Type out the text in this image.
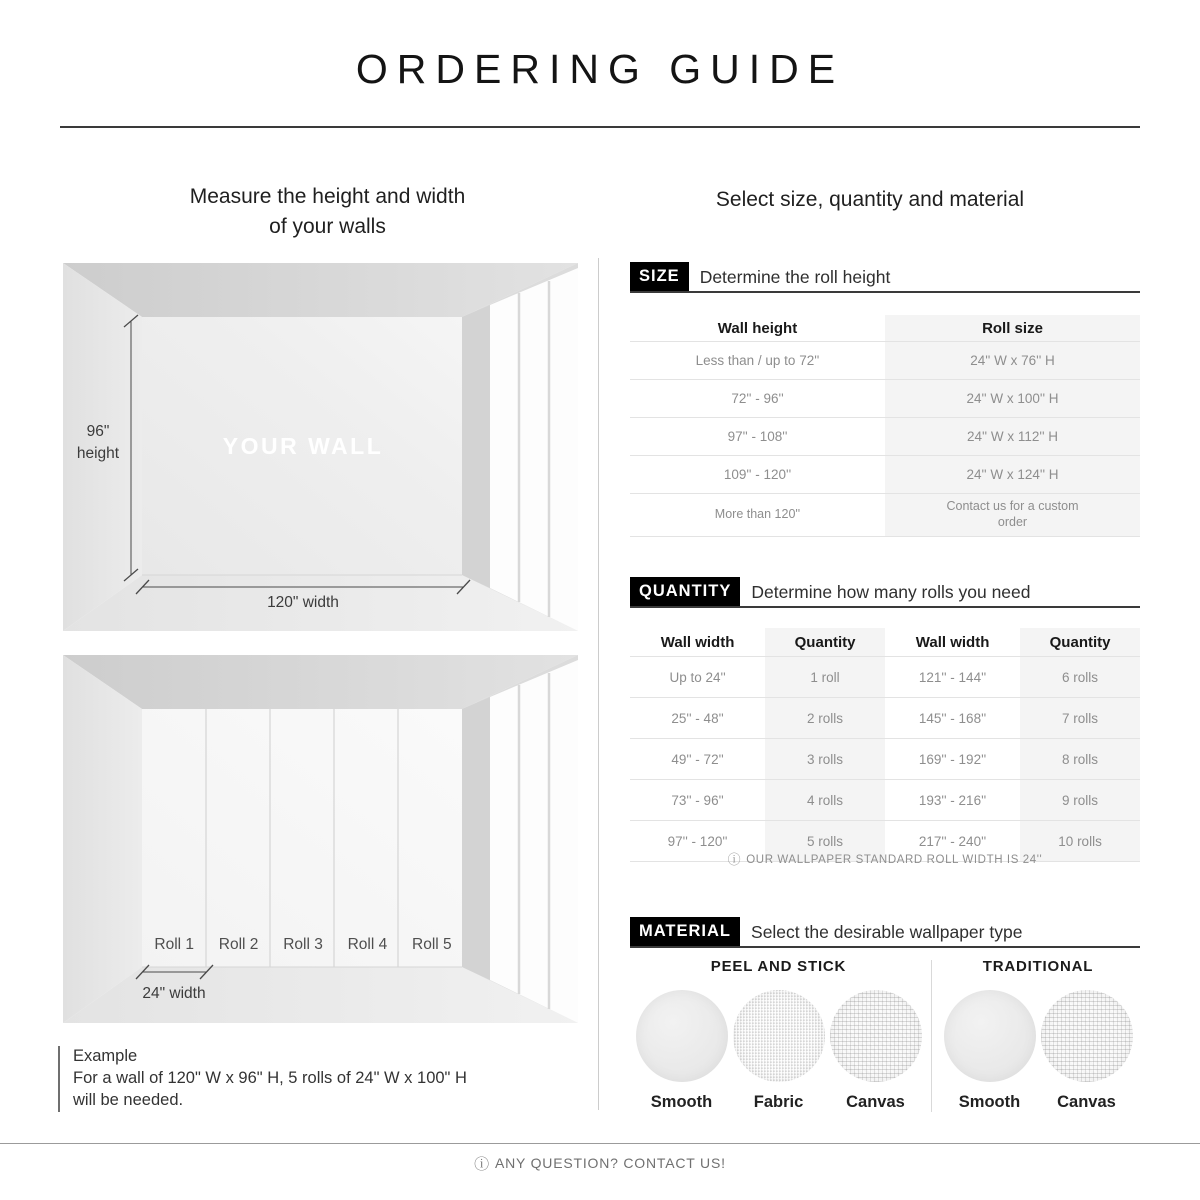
ORDERING GUIDE
Measure the height and width
of your walls
Select size, quantity and material
96"
height	YOUR WALL
120" width
Roll 1	Roll 2	Roll 3	Roll 4	Roll 5
24" width
Example
For a wall of 120" W x 96" H, 5 rolls of 24" W x 100" H
will be needed.
SIZE	Determine the roll height
Wall height	Roll size
Less than / up to 72''	24'' W x 76'' H
72'' - 96''	24'' W x 100'' H
97'' - 108''	24'' W x 112'' H
109'' - 120''	24'' W x 124'' H
More than 120''	Contact us for a custom order
QUANTITY	Determine how many rolls you need
Wall width	Quantity	Wall width	Quantity
Up to 24''	1 roll	121'' - 144''	6 rolls
25'' - 48''	2 rolls	145'' - 168''	7 rolls
49'' - 72''	3 rolls	169'' - 192''	8 rolls
73'' - 96''	4 rolls	193'' - 216''	9 rolls
97'' - 120''	5 rolls	217'' - 240''	10 rolls
ⓘ OUR WALLPAPER STANDARD ROLL WIDTH IS 24''
MATERIAL	Select the desirable wallpaper type
PEEL AND STICK
Smooth	Fabric	Canvas
TRADITIONAL
Smooth Canvas
ⓘ ANY QUESTION? CONTACT US!
